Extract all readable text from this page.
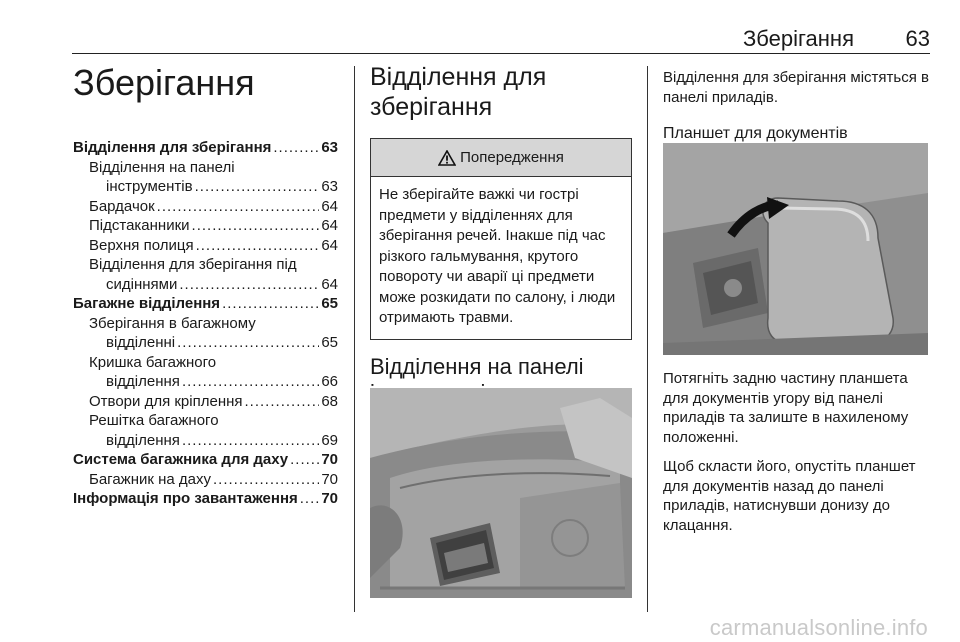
Зберігання 63
Зберігання
Відділення для зберігання .....	63
Відділення на панелі
інструментів .....	63
Бардачок .....	64
Підстаканники .....	64
Верхня полиця .....	64
Відділення для зберігання під
сидіннями .....	64
Багажне відділення .....	65
Зберігання в багажному
відділенні .....	65
Кришка багажного
відділення .....	66
Отвори для кріплення .....	68
Решітка багажного
відділення .....	69
Система багажника для даху ..... 70
Багажник на даху .....	70
Інформація про завантаження ..... 70
Відділення для зберігання
Попередження
Не зберігайте важкі чи гострі предмети у відділеннях для зберігання речей. Інакше під час різкого гальмування, крутого повороту чи аварії ці предмети може розкидати по салону, і люди отримають травми.
Відділення на панелі
Відділення для зберігання містяться в панелі приладів.
Планшет для документів
Потягніть задню частину планшета для документів угору від панелі приладів та залиште в нахиленому положенні.
Щоб скласти його, опустіть планшет для документів назад до панелі приладів, натиснувши донизу до клацання.
carmanualsonline.info
